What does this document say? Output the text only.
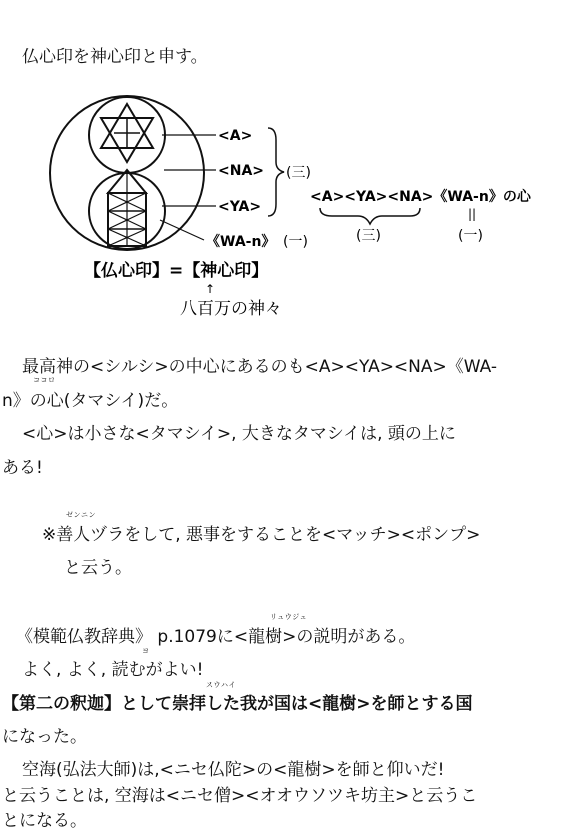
仏心印を神心印と申す。
<A>
<NA>
<YA>
《WA-n》 (一)
(三)
<A><YA><NA>《WA-n》の心
(三)
||
(一)
【仏心印】=【神心印】
↑
八百万の神々
ココロ
最高神の<シルシ>の中心にあるのも<A><YA><NA>《WA-
n》の心(タマシイ)だ。
<心>は小さな<タマシイ>, 大きなタマシイは, 頭の上に
ある!
ゼンニン
※善人ヅラをして, 悪事をすることを<マッチ><ポンプ>
と云う。
リュウジュ
《模範仏教辞典》 p.1079に<龍樹>の説明がある。
ヨ
よく, よく, 読むがよい!
スウハイ
【第二の釈迦】として崇拝した我が国は<龍樹>を師とする国
になった。
空海(弘法大師)は,<ニセ仏陀>の<龍樹>を師と仰いだ!
と云うことは, 空海は<ニセ僧><オオウソツキ坊主>と云うこ
とになる。
